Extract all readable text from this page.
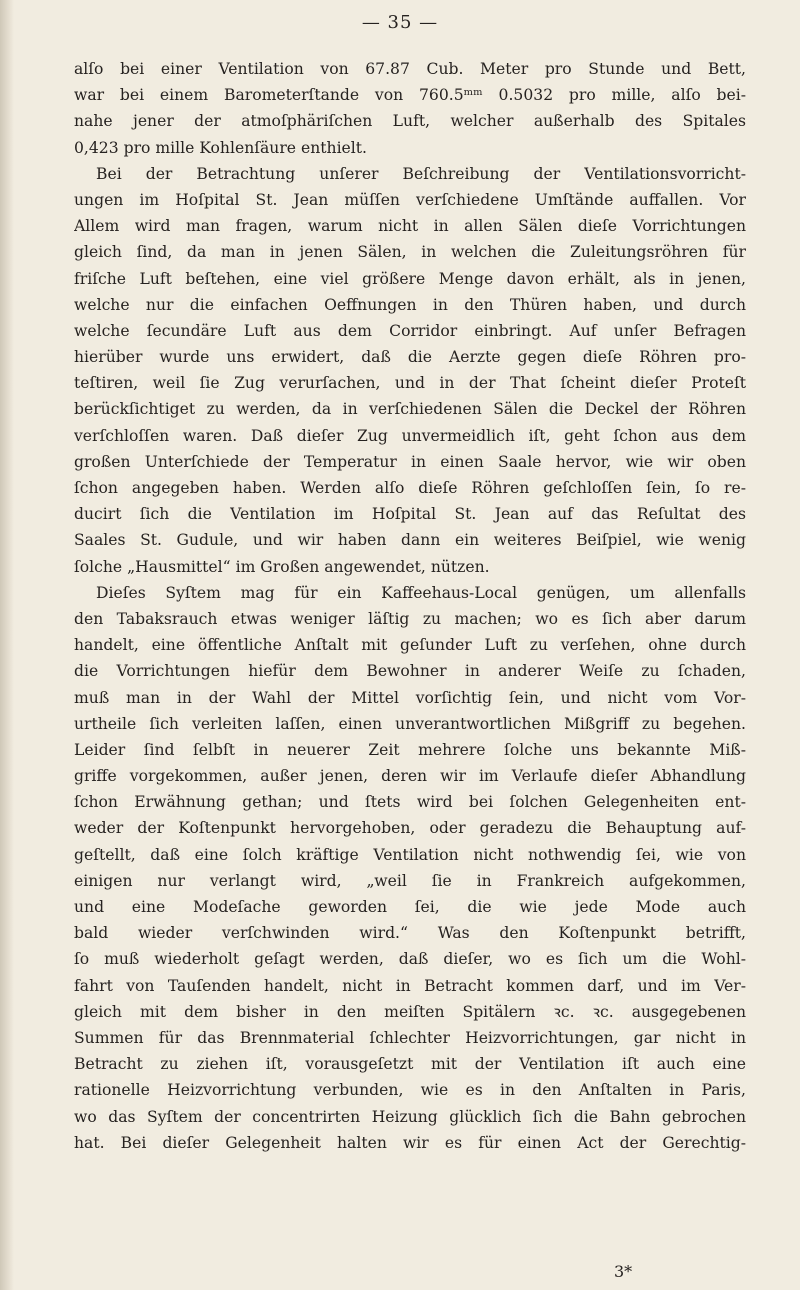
— 35 —
alſo bei einer Ventilation von 67.87 Cub. Meter pro Stunde und Bett,
war bei einem Barometerſtande von 760.5ᵐᵐ 0.5032 pro mille, alſo bei-
nahe jener der atmoſphäriſchen Luft, welcher außerhalb des Spitales
0,423 pro mille Kohlenſäure enthielt.
Bei der Betrachtung unſerer Beſchreibung der Ventilationsvorricht-
ungen im Hoſpital St. Jean müſſen verſchiedene Umſtände auffallen. Vor
Allem wird man fragen, warum nicht in allen Sälen dieſe Vorrichtungen
gleich ſind, da man in jenen Sälen, in welchen die Zuleitungsröhren für
friſche Luft beſtehen, eine viel größere Menge davon erhält, als in jenen,
welche nur die einfachen Oeffnungen in den Thüren haben, und durch
welche ſecundäre Luft aus dem Corridor einbringt. Auf unſer Befragen
hierüber wurde uns erwidert, daß die Aerzte gegen dieſe Röhren pro-
teſtiren, weil ſie Zug verurſachen, und in der That ſcheint dieſer Proteſt
berückſichtiget zu werden, da in verſchiedenen Sälen die Deckel der Röhren
verſchloſſen waren. Daß dieſer Zug unvermeidlich iſt, geht ſchon aus dem
großen Unterſchiede der Temperatur in einen Saale hervor, wie wir oben
ſchon angegeben haben. Werden alſo dieſe Röhren geſchloſſen ſein, ſo re-
ducirt ſich die Ventilation im Hoſpital St. Jean auf das Reſultat des
Saales St. Gudule, und wir haben dann ein weiteres Beiſpiel, wie wenig
ſolche „Hausmittel“ im Großen angewendet, nützen.
Dieſes Syſtem mag für ein Kaffeehaus-Local genügen, um allenfalls
den Tabaksrauch etwas weniger läſtig zu machen; wo es ſich aber darum
handelt, eine öffentliche Anſtalt mit geſunder Luft zu verſehen, ohne durch
die Vorrichtungen hiefür dem Bewohner in anderer Weiſe zu ſchaden,
muß man in der Wahl der Mittel vorſichtig ſein, und nicht vom Vor-
urtheile ſich verleiten laſſen, einen unverantwortlichen Mißgriff zu begehen.
Leider ſind ſelbſt in neuerer Zeit mehrere ſolche uns bekannte Miß-
griffe vorgekommen, außer jenen, deren wir im Verlaufe dieſer Abhandlung
ſchon Erwähnung gethan; und ſtets wird bei ſolchen Gelegenheiten ent-
weder der Koſtenpunkt hervorgehoben, oder geradezu die Behauptung auf-
geſtellt, daß eine ſolch kräftige Ventilation nicht nothwendig ſei, wie von
einigen nur verlangt wird, „weil ſie in Frankreich aufgekommen,
und eine Modeſache geworden ſei, die wie jede Mode auch
bald wieder verſchwinden wird.“ Was den Koſtenpunkt betrifft,
ſo muß wiederholt geſagt werden, daß dieſer, wo es ſich um die Wohl-
fahrt von Tauſenden handelt, nicht in Betracht kommen darf, und im Ver-
gleich mit dem bisher in den meiſten Spitälern ꝛc. ꝛc. ausgegebenen
Summen für das Brennmaterial ſchlechter Heizvorrichtungen, gar nicht in
Betracht zu ziehen iſt, vorausgeſetzt mit der Ventilation iſt auch eine
rationelle Heizvorrichtung verbunden, wie es in den Anſtalten in Paris,
wo das Syſtem der concentrirten Heizung glücklich ſich die Bahn gebrochen
hat. Bei dieſer Gelegenheit halten wir es für einen Act der Gerechtig-
3*
